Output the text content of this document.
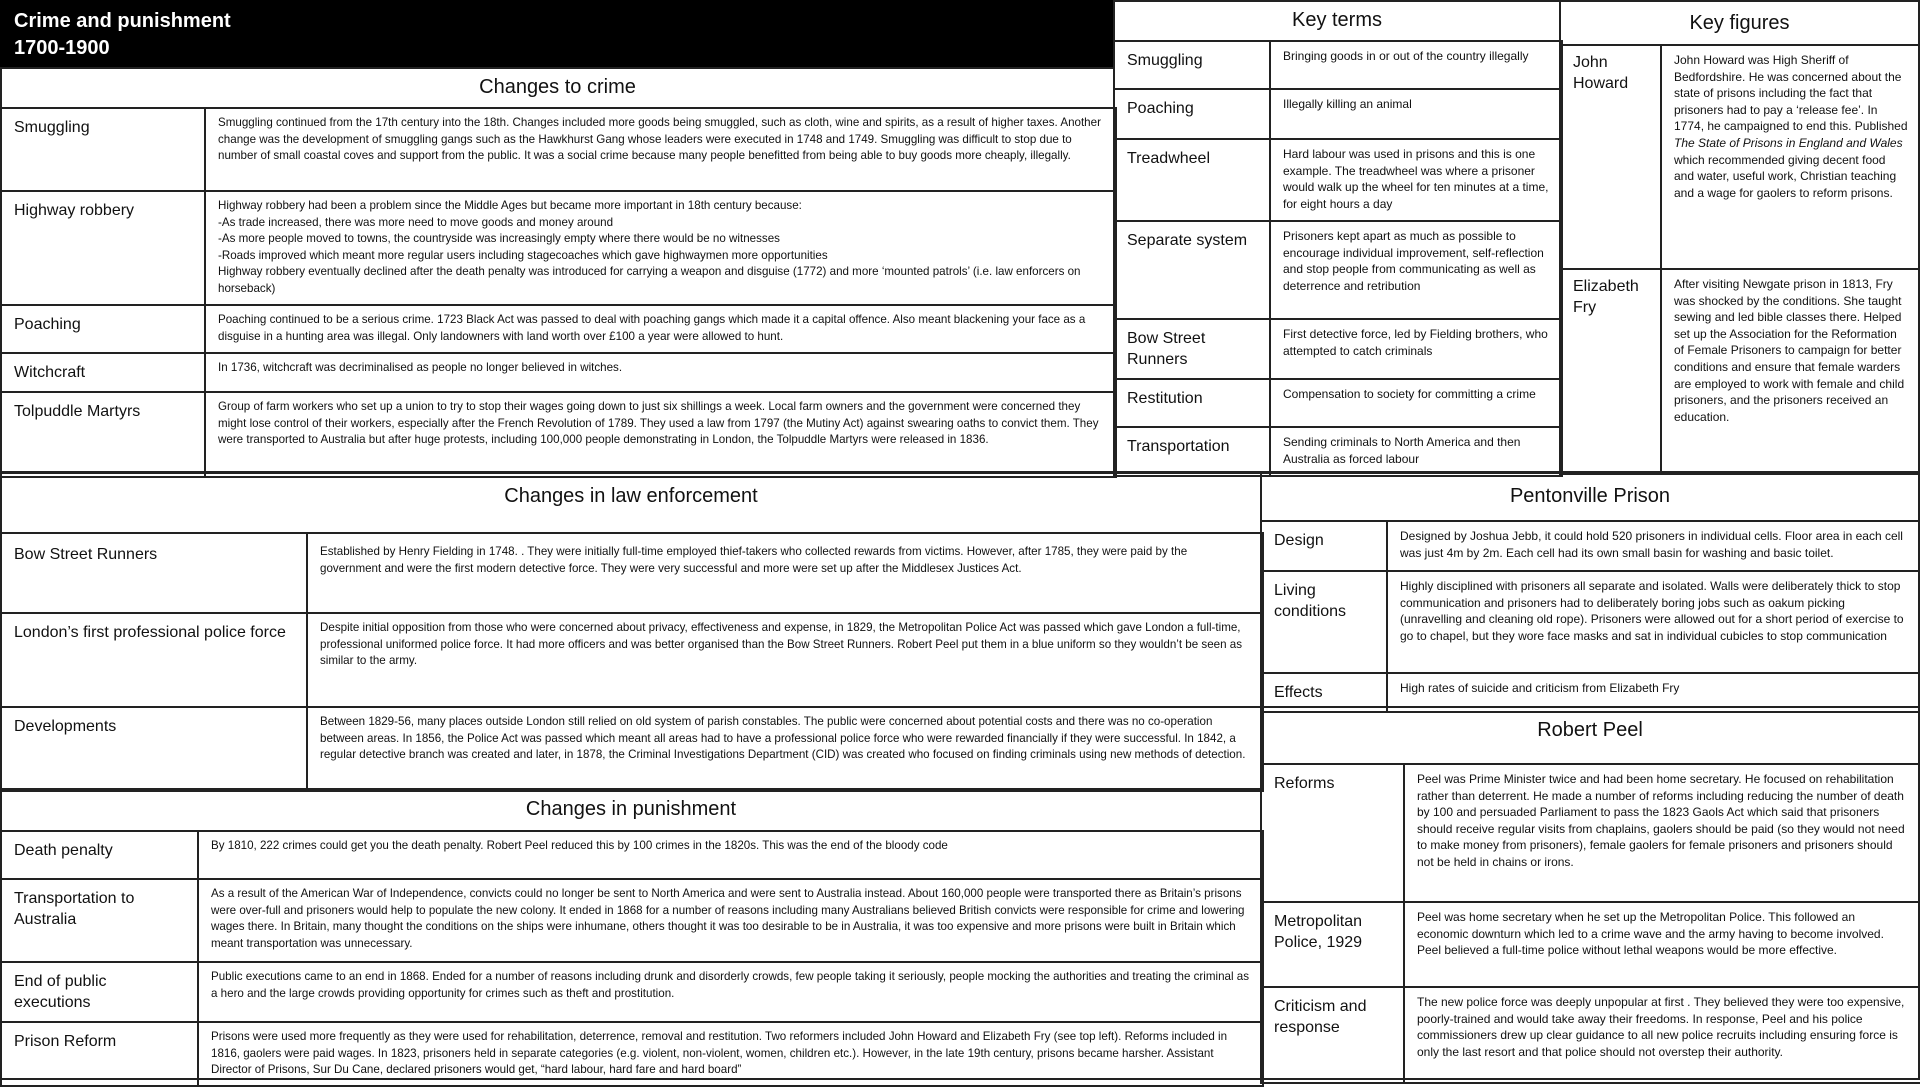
Crime and punishment
1700-1900
Changes to crime
Smuggling	Smuggling continued from the 17th century into the 18th. Changes included more goods being smuggled, such as cloth, wine and spirits, as a result of higher taxes. Another change was the development of smuggling gangs such as the Hawkhurst Gang whose leaders were executed in 1748 and 1749. Smuggling was difficult to stop due to number of small coastal coves and support from the public. It was a social crime because many people benefitted from being able to buy goods more cheaply, illegally.
Highway robbery	Highway robbery had been a problem since the Middle Ages but became more important in 18th century because:
-As trade increased, there was more need to move goods and money around
-As more people moved to towns, the countryside was increasingly empty where there would be no witnesses
-Roads improved which meant more regular users including stagecoaches which gave highwaymen more opportunities
Highway robbery eventually declined after the death penalty was introduced for carrying a weapon and disguise (1772) and more ‘mounted patrols’ (i.e. law enforcers on horseback)
Poaching	Poaching continued to be a serious crime. 1723 Black Act was passed to deal with poaching gangs which made it a capital offence. Also meant blackening your face as a disguise in a hunting area was illegal. Only landowners with land worth over £100 a year were allowed to hunt.
Witchcraft	In 1736, witchcraft was decriminalised as people no longer believed in witches.
Tolpuddle Martyrs	Group of farm workers who set up a union to try to stop their wages going down to just six shillings a week. Local farm owners and the government were concerned they might lose control of their workers, especially after the French Revolution of 1789. They used a law from 1797 (the Mutiny Act) against swearing oaths to convict them. They were transported to Australia but after huge protests, including 100,000 people demonstrating in London, the Tolpuddle Martyrs were released in 1836.
Key terms
Smuggling	Bringing goods in or out of the country illegally
Poaching	Illegally killing an animal
Treadwheel	Hard labour was used in prisons and this is one example. The treadwheel was where a prisoner would walk up the wheel for ten minutes at a time, for eight hours a day
Separate system	Prisoners kept apart as much as possible to encourage individual improvement, self-reflection and stop people from communicating as well as deterrence and retribution
Bow Street Runners	First detective force, led by Fielding brothers, who attempted to catch criminals
Restitution	Compensation to society for committing a crime
Transportation	Sending criminals to North America and then Australia as forced labour
Key figures
John Howard	John Howard was High Sheriff of Bedfordshire. He was concerned about the state of prisons including the fact that prisoners had to pay a ‘release fee’. In 1774, he campaigned to end this. Published The State of Prisons in England and Wales which recommended giving decent food and water, useful work, Christian teaching and a wage for gaolers to reform prisons.
Elizabeth Fry	After visiting Newgate prison in 1813, Fry was shocked by the conditions. She taught sewing and led bible classes there. Helped set up the Association for the Reformation of Female Prisoners to campaign for better conditions and ensure that female warders are employed to work with female and child prisoners, and the prisoners received an education.
Changes in law enforcement
Bow Street Runners	Established by Henry Fielding in 1748. . They were initially full-time employed thief-takers who collected rewards from victims. However, after 1785, they were paid by the government and were the first modern detective force. They were very successful and more were set up after the Middlesex Justices Act.
London’s first professional police force	Despite initial opposition from those who were concerned about privacy, effectiveness and expense, in 1829, the Metropolitan Police Act was passed which gave London a full-time, professional uniformed police force. It had more officers and was better organised than the Bow Street Runners. Robert Peel put them in a blue uniform so they wouldn’t be seen as similar to the army.
Developments	Between 1829-56, many places outside London still relied on old system of parish constables. The public were concerned about potential costs and there was no co-operation between areas. In 1856, the Police Act was passed which meant all areas had to have a professional police force who were rewarded financially if they were successful. In 1842, a regular detective branch was created and later, in 1878, the Criminal Investigations Department (CID) was created who focused on finding criminals using new methods of detection.
Changes in punishment
Death penalty	By 1810, 222 crimes could get you the death penalty. Robert Peel reduced this by 100 crimes in the 1820s. This was the end of the bloody code
Transportation to Australia	As a result of the American War of Independence, convicts could no longer be sent to North America and were sent to Australia instead. About 160,000 people were transported there as Britain’s prisons were over-full and prisoners would help to populate the new colony. It ended in 1868 for a number of reasons including many Australians believed British convicts were responsible for crime and lowering wages there. In Britain, many thought the conditions on the ships were inhumane, others thought it was too desirable to be in Australia, it was too expensive and more prisons were built in Britain which meant transportation was unnecessary.
End of public executions	Public executions came to an end in 1868. Ended for a number of reasons including drunk and disorderly crowds, few people taking it seriously, people mocking the authorities and treating the criminal as a hero and the large crowds providing opportunity for crimes such as theft and prostitution.
Prison Reform	Prisons were used more frequently as they were used for rehabilitation, deterrence, removal and restitution. Two reformers included John Howard and Elizabeth Fry (see top left). Reforms included in 1816, gaolers were paid wages. In 1823, prisoners held in separate categories (e.g. violent, non-violent, women, children etc.). However, in the late 19th century, prisons became harsher. Assistant Director of Prisons, Sur Du Cane, declared prisoners would get, “hard labour, hard fare and hard board”
Pentonville Prison
Design	Designed by Joshua Jebb, it could hold 520 prisoners in individual cells. Floor area in each cell was just 4m by 2m. Each cell had its own small basin for washing and basic toilet.
Living conditions	Highly disciplined with prisoners all separate and isolated. Walls were deliberately thick to stop communication and prisoners had to deliberately boring jobs such as oakum picking (unravelling and cleaning old rope). Prisoners were allowed out for a short period of exercise to go to chapel, but they wore face masks and sat in individual cubicles to stop communication
Effects	High rates of suicide and criticism from Elizabeth Fry
Robert Peel
Reforms	Peel was Prime Minister twice and had been home secretary. He focused on rehabilitation rather than deterrent. He made a number of reforms including reducing the number of death by 100 and persuaded Parliament to pass the 1823 Gaols Act which said that prisoners should receive regular visits from chaplains, gaolers should be paid (so they would not need to make money from prisoners), female gaolers for female prisoners and prisoners should not be held in chains or irons.
Metropolitan Police, 1929	Peel was home secretary when he set up the Metropolitan Police. This followed an economic downturn which led to a crime wave and the army having to become involved. Peel believed a full-time police without lethal weapons would be more effective.
Criticism and response	The new police force was deeply unpopular at first . They believed they were too expensive, poorly-trained and would take away their freedoms. In response, Peel and his police commissioners drew up clear guidance to all new police recruits including ensuring force is only the last resort and that police should not overstep their authority.
